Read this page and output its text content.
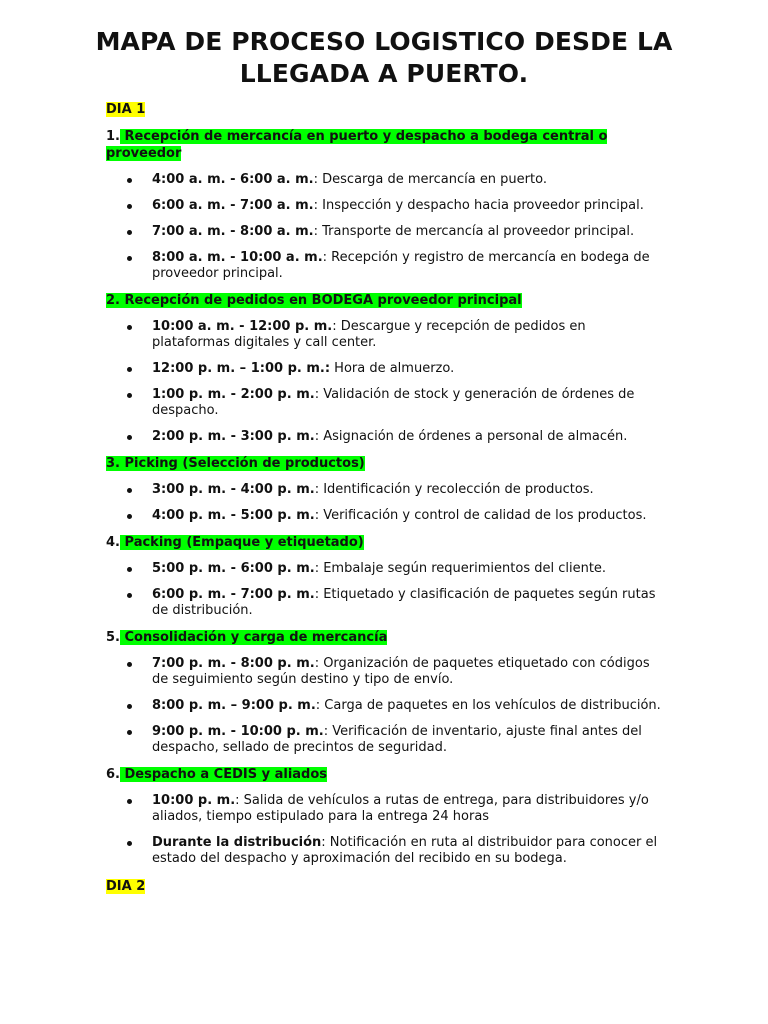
MAPA DE PROCESO LOGISTICO DESDE LA LLEGADA A PUERTO.
DIA 1
1. Recepción de mercancía en puerto y despacho a bodega central o proveedor
4:00 a. m. - 6:00 a. m.: Descarga de mercancía en puerto.
6:00 a. m. - 7:00 a. m.: Inspección y despacho hacia proveedor principal.
7:00 a. m. - 8:00 a. m.: Transporte de mercancía al proveedor principal.
8:00 a. m. - 10:00 a. m.: Recepción y registro de mercancía en bodega de proveedor principal.
2. Recepción de pedidos en BODEGA proveedor principal
10:00 a. m. - 12:00 p. m.: Descargue y recepción de pedidos en plataformas digitales y call center.
12:00 p. m. – 1:00 p. m.: Hora de almuerzo.
1:00 p. m. - 2:00 p. m.: Validación de stock y generación de órdenes de despacho.
2:00 p. m. - 3:00 p. m.: Asignación de órdenes a personal de almacén.
3. Picking (Selección de productos)
3:00 p. m. - 4:00 p. m.: Identificación y recolección de productos.
4:00 p. m. - 5:00 p. m.: Verificación y control de calidad de los productos.
4. Packing (Empaque y etiquetado)
5:00 p. m. - 6:00 p. m.: Embalaje según requerimientos del cliente.
6:00 p. m. - 7:00 p. m.: Etiquetado y clasificación de paquetes según rutas de distribución.
5. Consolidación y carga de mercancía
7:00 p. m. - 8:00 p. m.: Organización de paquetes etiquetado con códigos de seguimiento según destino y tipo de envío.
8:00 p. m. – 9:00 p. m.: Carga de paquetes en los vehículos de distribución.
9:00 p. m. - 10:00 p. m.: Verificación de inventario, ajuste final antes del despacho, sellado de precintos de seguridad.
6. Despacho a CEDIS y aliados
10:00 p. m.: Salida de vehículos a rutas de entrega, para distribuidores y/o aliados, tiempo estipulado para la entrega 24 horas
Durante la distribución: Notificación en ruta al distribuidor para conocer el estado del despacho y aproximación del recibido en su bodega.
DIA 2
